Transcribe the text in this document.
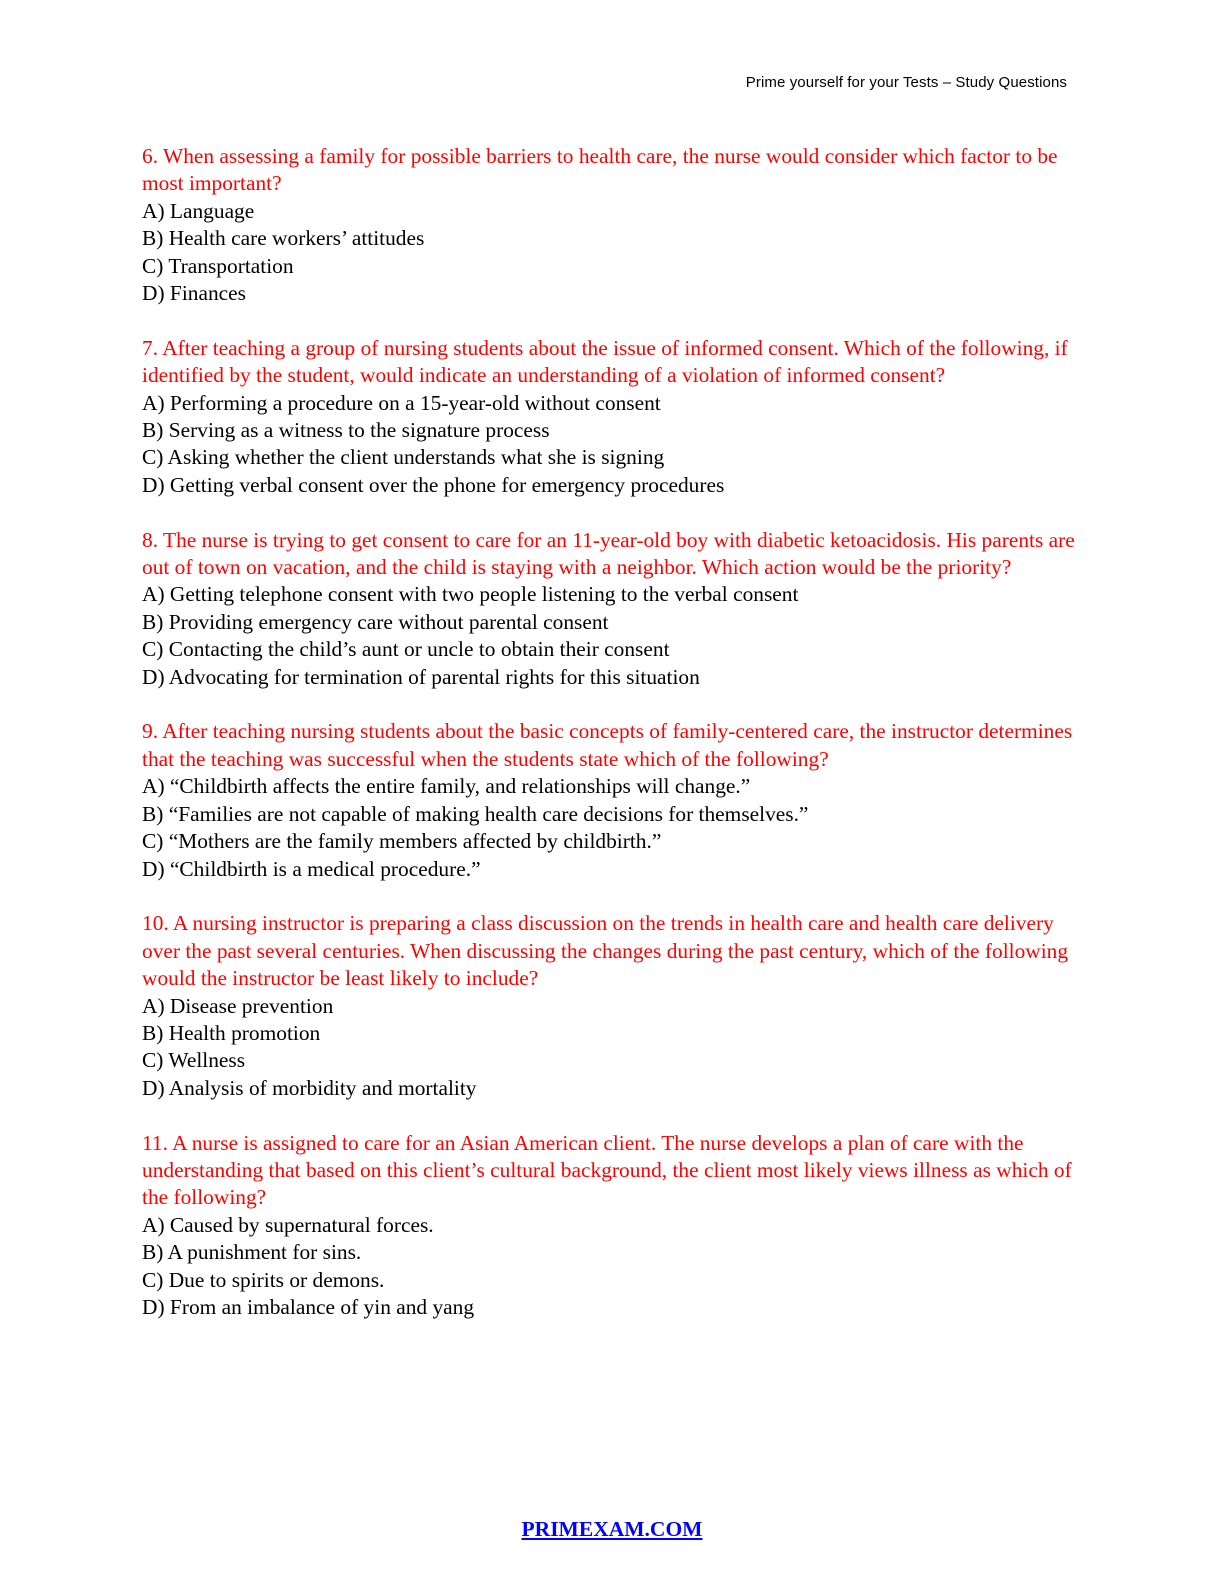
Prime yourself for your Tests – Study Questions

6. When assessing a family for possible barriers to health care, the nurse would consider which factor to be most important?

A) Language

B) Health care workers’ attitudes

C) Transportation

D) Finances

7. After teaching a group of nursing students about the issue of informed consent. Which of the following, if identified by the student, would indicate an understanding of a violation of informed consent?

A) Performing a procedure on a 15-year-old without consent

B) Serving as a witness to the signature process

C) Asking whether the client understands what she is signing

D) Getting verbal consent over the phone for emergency procedures

8. The nurse is trying to get consent to care for an 11-year-old boy with diabetic ketoacidosis. His parents are out of town on vacation, and the child is staying with a neighbor. Which action would be the priority?

A) Getting telephone consent with two people listening to the verbal consent

B) Providing emergency care without parental consent

C) Contacting the child’s aunt or uncle to obtain their consent

D) Advocating for termination of parental rights for this situation

9. After teaching nursing students about the basic concepts of family-centered care, the instructor determines that the teaching was successful when the students state which of the following?

A) “Childbirth affects the entire family, and relationships will change.”

B) “Families are not capable of making health care decisions for themselves.”

C) “Mothers are the family members affected by childbirth.”

D) “Childbirth is a medical procedure.”

10. A nursing instructor is preparing a class discussion on the trends in health care and health care delivery over the past several centuries. When discussing the changes during the past century, which of the following would the instructor be least likely to include?

A) Disease prevention

B) Health promotion

C) Wellness

D) Analysis of morbidity and mortality

11. A nurse is assigned to care for an Asian American client. The nurse develops a plan of care with the understanding that based on this client’s cultural background, the client most likely views illness as which of the following?

A) Caused by supernatural forces.

B) A punishment for sins.

C) Due to spirits or demons.

D) From an imbalance of yin and yang

PRIMEXAM.COM
